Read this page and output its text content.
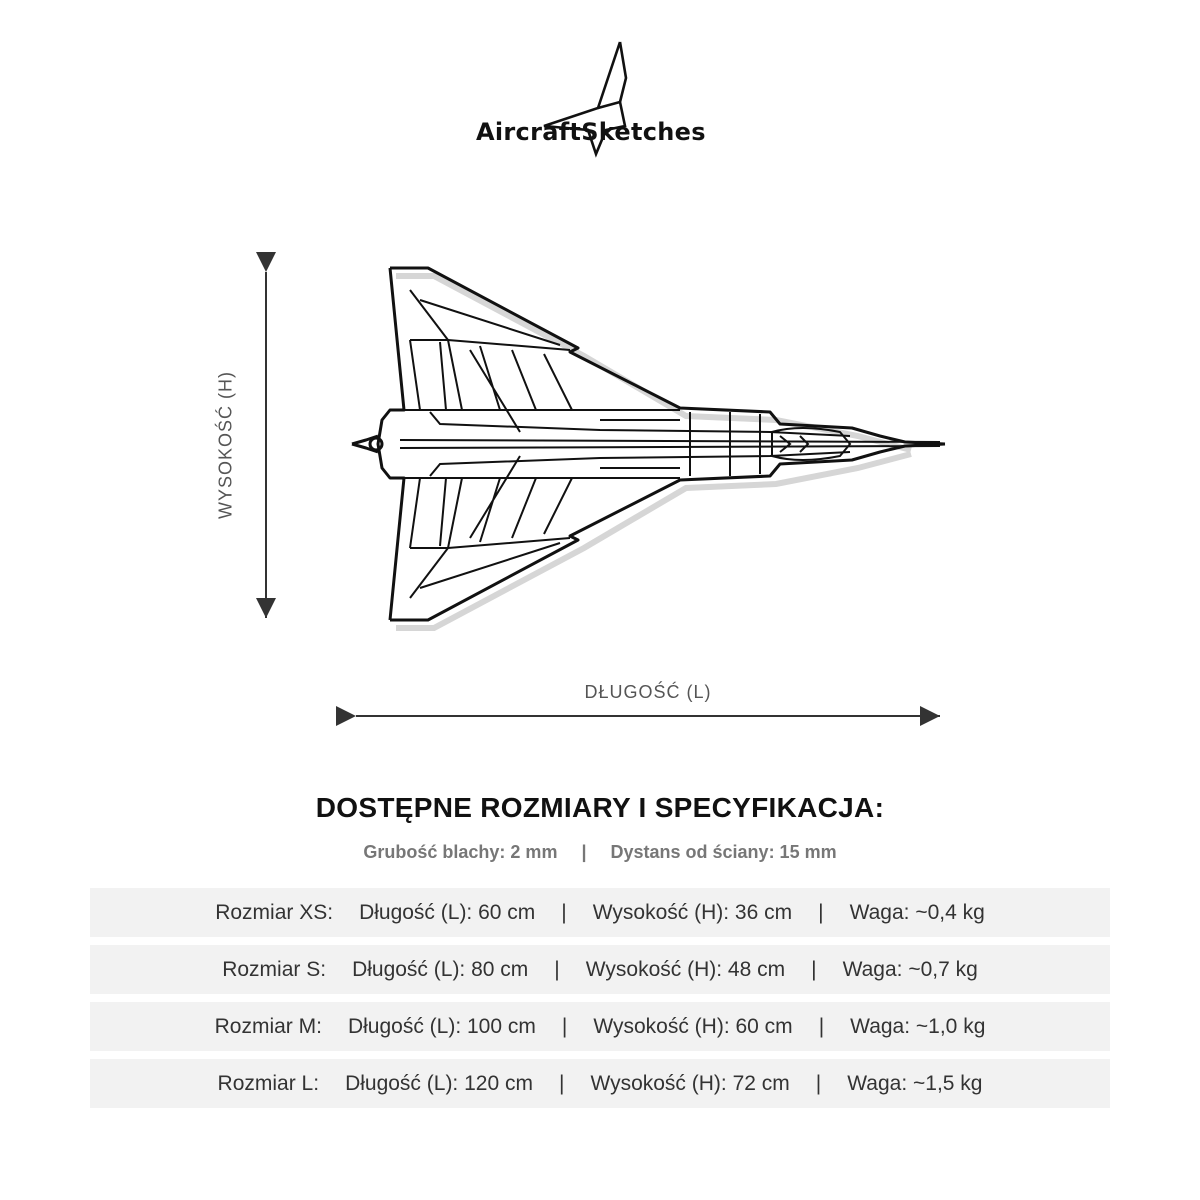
AircraftSketches
WYSOKOŚĆ (H)
DŁUGOŚĆ (L)
DOSTĘPNE ROZMIARY I SPECYFIKACJA:
Grubość blachy: 2 mm | Dystans od ściany: 15 mm
Rozmiar XS: Długość (L): 60 cm | Wysokość (H): 36 cm | Waga: ~0,4 kg
Rozmiar S: Długość (L): 80 cm | Wysokość (H): 48 cm | Waga: ~0,7 kg
Rozmiar M: Długość (L): 100 cm | Wysokość (H): 60 cm | Waga: ~1,0 kg
Rozmiar L: Długość (L): 120 cm | Wysokość (H): 72 cm | Waga: ~1,5 kg
